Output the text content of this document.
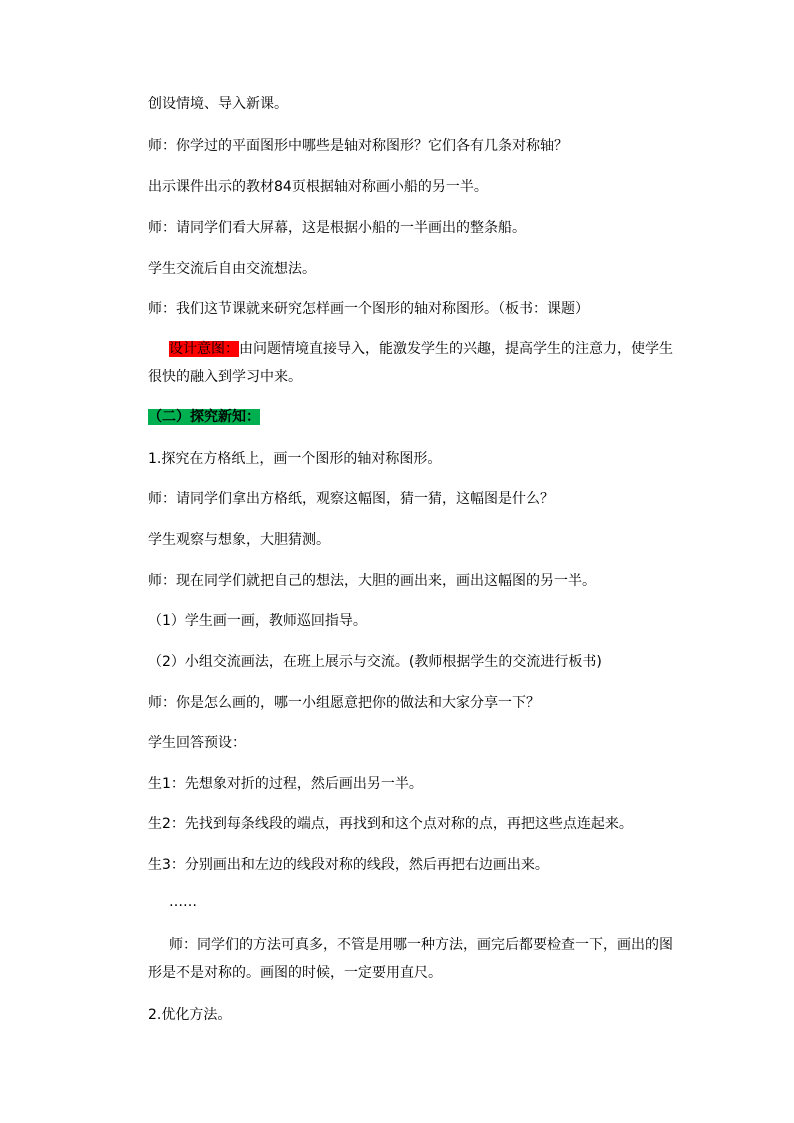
创设情境、导入新课。

师：你学过的平面图形中哪些是轴对称图形？它们各有几条对称轴？

出示课件出示的教材84页根据轴对称画小船的另一半。

师：请同学们看大屏幕，这是根据小船的一半画出的整条船。

学生交流后自由交流想法。

师：我们这节课就来研究怎样画一个图形的轴对称图形。（板书：课题）

设计意图：由问题情境直接导入，能激发学生的兴趣，提高学生的注意力，使学生很快的融入到学习中来。

（二）探究新知：

1.探究在方格纸上，画一个图形的轴对称图形。

师：请同学们拿出方格纸，观察这幅图，猜一猜，这幅图是什么？

学生观察与想象，大胆猜测。

师：现在同学们就把自己的想法，大胆的画出来，画出这幅图的另一半。

（1）学生画一画，教师巡回指导。

（2）小组交流画法，在班上展示与交流。(教师根据学生的交流进行板书)

师：你是怎么画的，哪一小组愿意把你的做法和大家分享一下？

学生回答预设：

生1：先想象对折的过程，然后画出另一半。

生2：先找到每条线段的端点，再找到和这个点对称的点，再把这些点连起来。

生3：分别画出和左边的线段对称的线段，然后再把右边画出来。

……

师：同学们的方法可真多，不管是用哪一种方法，画完后都要检查一下，画出的图形是不是对称的。画图的时候，一定要用直尺。

2.优化方法。
